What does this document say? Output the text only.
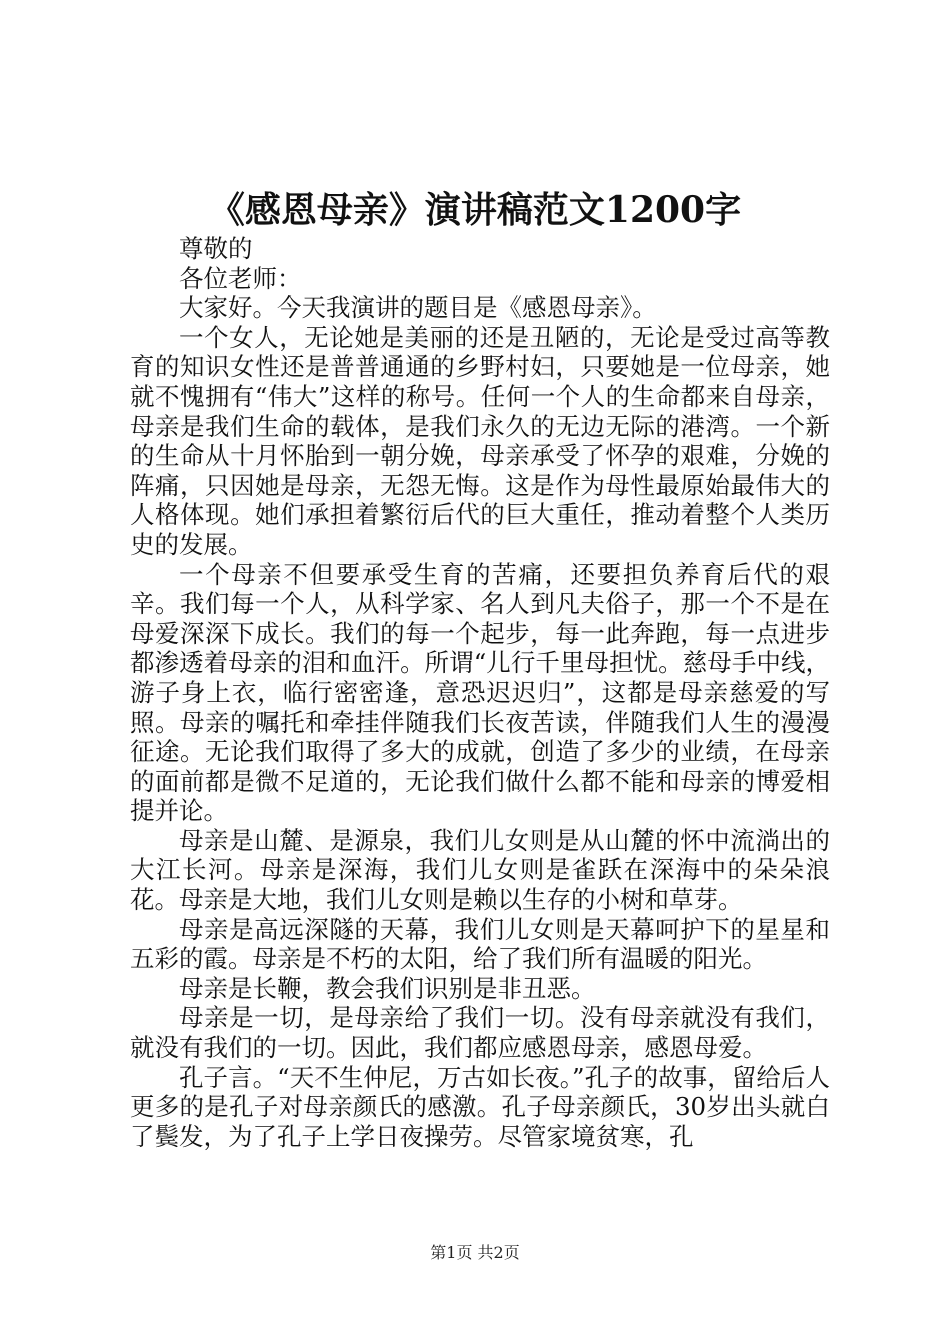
《感恩母亲》演讲稿范文1200字

尊敬的

各位老师：

大家好。今天我演讲的题目是《感恩母亲》。

一个女人，无论她是美丽的还是丑陋的，无论是受过高等教育的知识女性还是普普通通的乡野村妇，只要她是一位母亲，她就不愧拥有“伟大”这样的称号。任何一个人的生命都来自母亲，母亲是我们生命的载体，是我们永久的无边无际的港湾。一个新的生命从十月怀胎到一朝分娩，母亲承受了怀孕的艰难，分娩的阵痛，只因她是母亲，无怨无悔。这是作为母性最原始最伟大的人格体现。她们承担着繁衍后代的巨大重任，推动着整个人类历史的发展。

一个母亲不但要承受生育的苦痛，还要担负养育后代的艰辛。我们每一个人，从科学家、名人到凡夫俗子，那一个不是在母爱深深下成长。我们的每一个起步，每一此奔跑，每一点进步都渗透着母亲的泪和血汗。所谓“儿行千里母担忧。慈母手中线，游子身上衣，临行密密逢，意恐迟迟归”，这都是母亲慈爱的写照。母亲的嘱托和牵挂伴随我们长夜苦读，伴随我们人生的漫漫征途。无论我们取得了多大的成就，创造了多少的业绩，在母亲的面前都是微不足道的，无论我们做什么都不能和母亲的博爱相提并论。

母亲是山麓、是源泉，我们儿女则是从山麓的怀中流淌出的大江长河。母亲是深海，我们儿女则是雀跃在深海中的朵朵浪花。母亲是大地，我们儿女则是赖以生存的小树和草芽。

母亲是高远深隧的天幕，我们儿女则是天幕呵护下的星星和五彩的霞。母亲是不朽的太阳，给了我们所有温暖的阳光。

母亲是长鞭，教会我们识别是非丑恶。

母亲是一切，是母亲给了我们一切。没有母亲就没有我们，就没有我们的一切。因此，我们都应感恩母亲，感恩母爱。

孔子言。“天不生仲尼，万古如长夜。”孔子的故事，留给后人更多的是孔子对母亲颜氏的感激。孔子母亲颜氏，30岁出头就白了鬓发，为了孔子上学日夜操劳。尽管家境贫寒，孔

第1页 共2页
